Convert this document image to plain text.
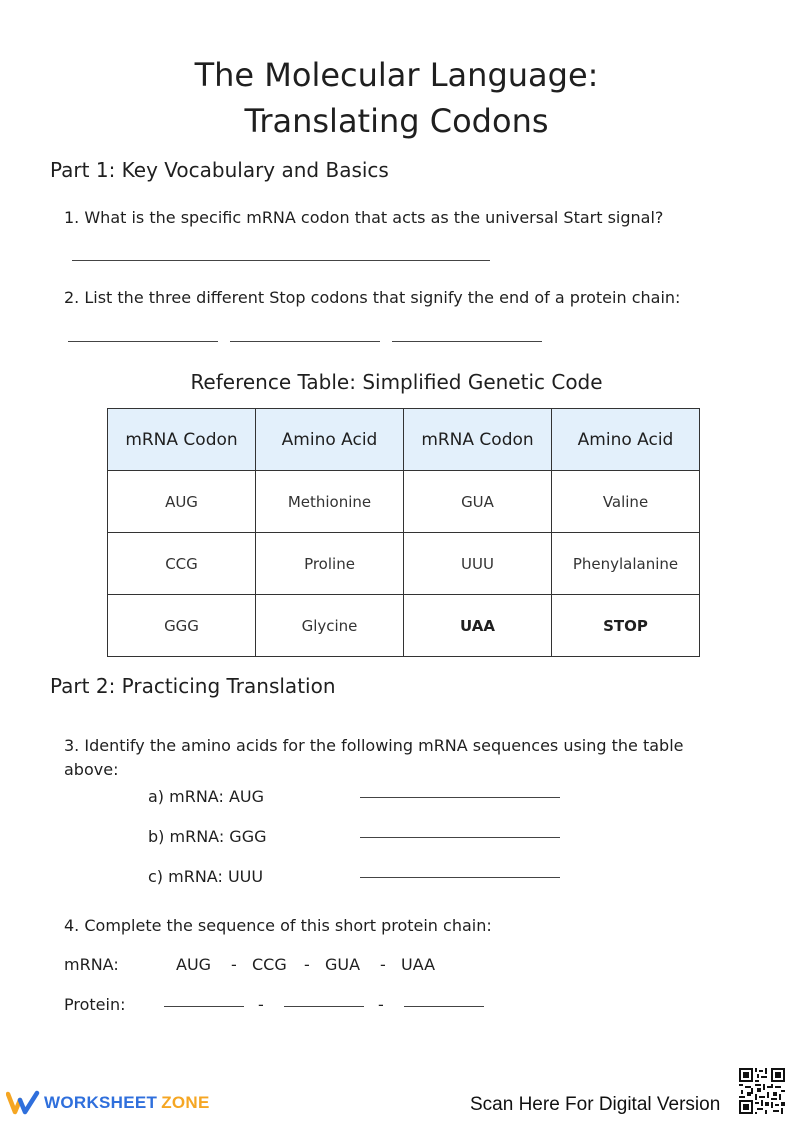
The Molecular Language:
Translating Codons
Part 1: Key Vocabulary and Basics
1. What is the specific mRNA codon that acts as the universal Start signal?
2. List the three different Stop codons that signify the end of a protein chain:
Reference Table: Simplified Genetic Code
mRNA Codon	Amino Acid	mRNA Codon	Amino Acid
AUG	Methionine	GUA	Valine
CCG	Proline	UUU	Phenylalanine
GGG	Glycine	UAA	STOP
Part 2: Practicing Translation
3. Identify the amino acids for the following mRNA sequences using the table
above:
a) mRNA: AUG
b) mRNA: GGG
c) mRNA: UUU
4. Complete the sequence of this short protein chain:
mRNA:	AUG - CCG - GUA - UAA
Protein:	-	-
WORKSHEET ZONE	Scan Here For Digital Version
